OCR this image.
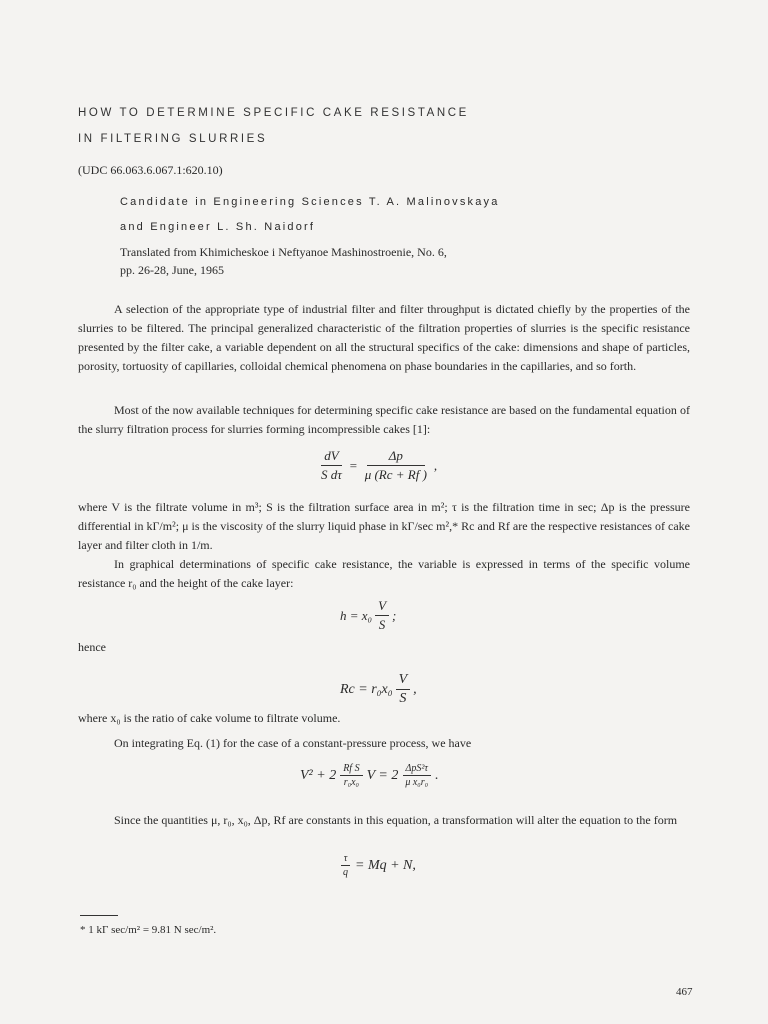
HOW TO DETERMINE SPECIFIC CAKE RESISTANCE
IN FILTERING SLURRIES
(UDC 66.063.6.067.1:620.10)
Candidate in Engineering Sciences T. A. Malinovskaya
and Engineer L. Sh. Naidorf
Translated from Khimicheskoe i Neftyanoe Mashinostroenie, No. 6,
pp. 26-28, June, 1965

A selection of the appropriate type of industrial filter and filter throughput is dictated chiefly by the properties of the slurries to be filtered. The principal generalized characteristic of the filtration properties of slurries is the specific resistance presented by the filter cake, a variable dependent on all the structural specifics of the cake: dimensions and shape of particles, porosity, tortuosity of capillaries, colloidal chemical phenomena on phase boundaries in the capillaries, and so forth.

Most of the now available techniques for determining specific cake resistance are based on the fundamental equation of the slurry filtration process for slurries forming incompressible cakes [1]:

$\frac{dV}{\text{S dτ}} = \frac{\Delta p}{\mu (Rc + Rf )}$ ,

where V is the filtrate volume in m³; S is the filtration surface area in m²; τ is the filtration time in sec; Δp is the pressure differential in kΓ/m²; μ is the viscosity of the slurry liquid phase in kΓ/sec m²,* Rc and Rf are the respective resistances of cake layer and filter cloth in 1/m.

In graphical determinations of specific cake resistance, the variable is expressed in terms of the specific volume resistance r₀ and the height of the cake layer:

$h = x_0 \frac{V}{S}$ ;
hence
$Rc = r_0x_0 \frac{V}{S}$ ,
where x₀ is the ratio of cake volume to filtrate volume.
On integrating Eq. (1) for the case of a constant-pressure process, we have
$V^2 + 2 \frac{\text{Rf S}}{\text{r₀x₀}}$ $V = 2 \frac{\text{ΔpS²τ}}{\text{μ x₀r₀}}$ .

Since the quantities μ, r₀, x₀, Δp, Rf are constants in this equation, a transformation will alter the equation to the form

$\frac{\tau}{q} = Mq + N$,
* 1 kΓ sec/m² = 9.81 N sec/m².
467
